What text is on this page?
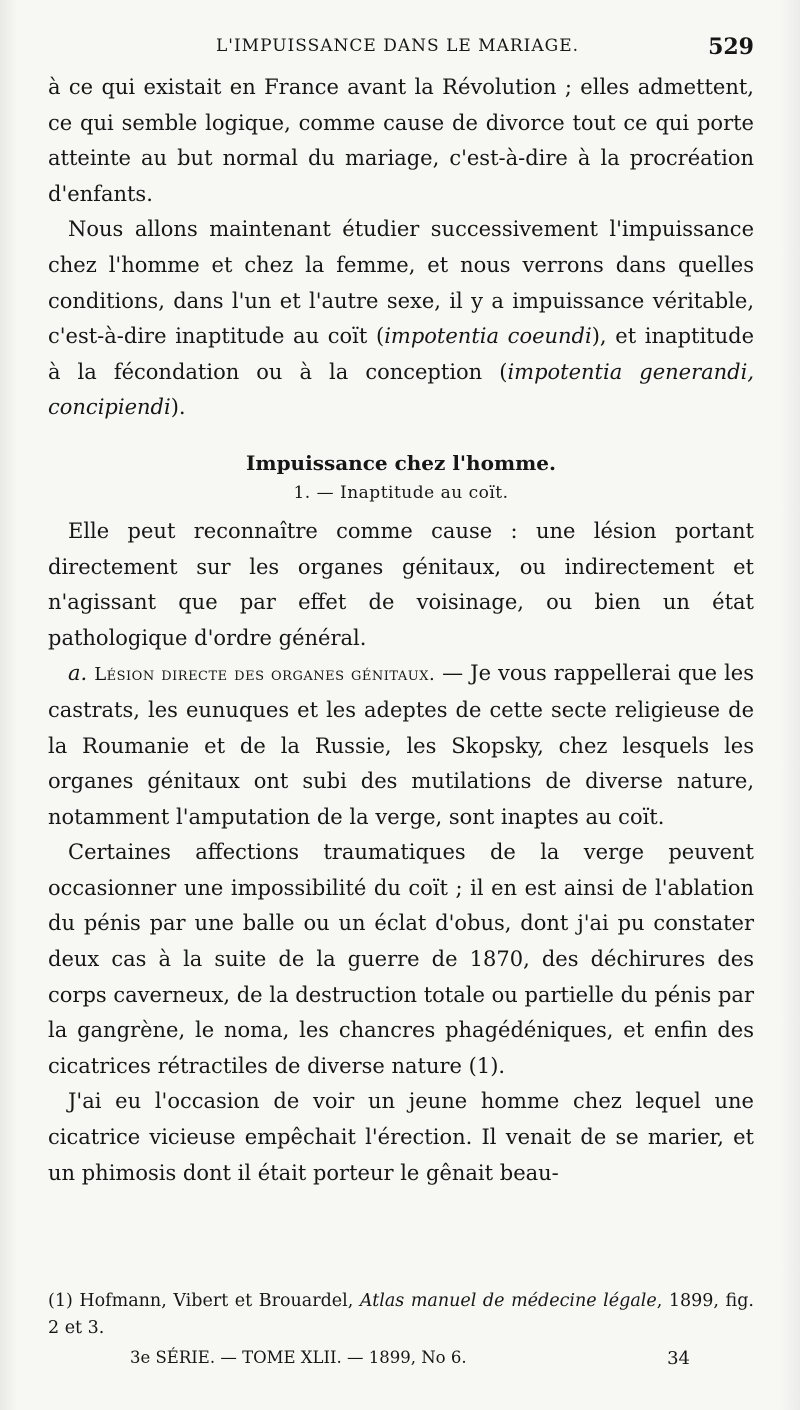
L'IMPUISSANCE DANS LE MARIAGE.	529

à ce qui existait en France avant la Révolution ; elles admettent, ce qui semble logique, comme cause de divorce tout ce qui porte atteinte au but normal du mariage, c'est-à-dire à la procréation d'enfants.

Nous allons maintenant étudier successivement l'impuissance chez l'homme et chez la femme, et nous verrons dans quelles conditions, dans l'un et l'autre sexe, il y a impuissance véritable, c'est-à-dire inaptitude au coït (impotentia coeundi), et inaptitude à la fécondation ou à la conception (impotentia generandi, concipiendi).

Impuissance chez l'homme.
1. — Inaptitude au coït.

Elle peut reconnaître comme cause : une lésion portant directement sur les organes génitaux, ou indirectement et n'agissant que par effet de voisinage, ou bien un état pathologique d'ordre général.

a. Lésion directe des organes génitaux. — Je vous rappellerai que les castrats, les eunuques et les adeptes de cette secte religieuse de la Roumanie et de la Russie, les Skopsky, chez lesquels les organes génitaux ont subi des mutilations de diverse nature, notamment l'amputation de la verge, sont inaptes au coït.

Certaines affections traumatiques de la verge peuvent occasionner une impossibilité du coït ; il en est ainsi de l'ablation du pénis par une balle ou un éclat d'obus, dont j'ai pu constater deux cas à la suite de la guerre de 1870, des déchirures des corps caverneux, de la destruction totale ou partielle du pénis par la gangrène, le noma, les chancres phagédéniques, et enfin des cicatrices rétractiles de diverse nature (1).

J'ai eu l'occasion de voir un jeune homme chez lequel une cicatrice vicieuse empêchait l'érection. Il venait de se marier, et un phimosis dont il était porteur le gênait beau-

(1) Hofmann, Vibert et Brouardel, Atlas manuel de médecine légale, 1899, fig. 2 et 3.
3e SÉRIE. — TOME XLII. — 1899, No 6.	34
